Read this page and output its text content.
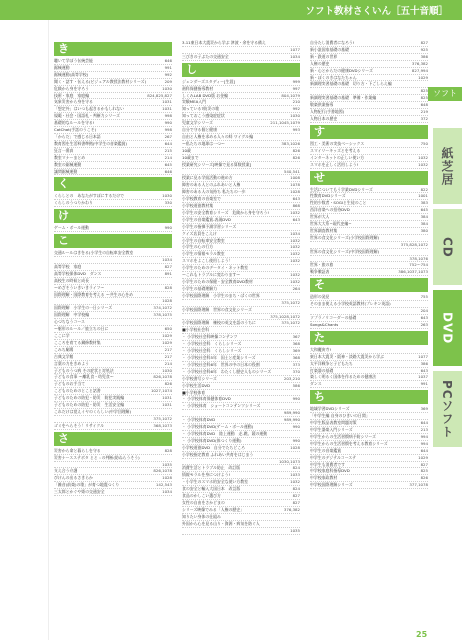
ソフト教材さくいん［五十音順］
ソフト
紙芝居
CD
DVD
PCソフト
き
聴いて学ぼう伝統芸能	646
鋸械運動	991
鋸械運動(高等学校)	992
聞く・話す・伝える(ビジュアル教授法教材シリーズ)	209
危険から身を守ろう	1030
技術・家庭　家庭編	824,825,827
気象災害から身を守る	1031
「想定外」はいつも起きるかもしれない	1031
規範・社会・国語札・判断力シリーズ	998
基礎的なルールを守る!	990
CatChat(手話のうこそ)	998
「からだ」で感じる日本語	267
教育図を生活料書準拠(中学生の音楽鑑賞)	644
狂言一番真	215
教室マナーまとめ	214
教室の鋸械運動	645
議問鋸械運動	646
く
くらしとの　あなたがすぼにするだけで	1030
くらしのうつりかわり	330
け
ゲーム・ボール運動	990
こ
交通ルールはきをる(小学生の自転車安全教室
1034
高等学校　家庭	827
高等学校保体DVD　ダンス	891
高校生の時候と成長
〜めざそういきいきライフ〜	828
国際理解・国際教育を考える 〜共生の心をめ
1028
国際理解　小学生の一日シリーズ	374,1072
国際理解　中学校編	378,1075
心づちなうコース
〜躯形のルール／旅立ちの日に	650
ここに学	1029
こころを育てる鋼修教材集	1029
こみち劇場	217
古典文学館	217
言葉の力をきめよう	214
子どものうつ病 その症状と対処法	1030
子どもの食事 〜離乳食・幼児食〜	826,1078
子どものお手当て	826
こどものためのとこと話書	1027,1074
子どものための防犯・防災　防犯実践編	1031
子どものための防犯・防災　生活安全編	1031
これだけは覚えイヤのくらしい(中学団理解)
375,1072
ゴミをへらそう！リサイクル	368,1073
さ
災害から命と暮らしを守る	828
災害ナースステボタ ととゝの判断(防ねらうそう)
1035
支え合う介護	826,1078
ぴけんの出るさきらか	1028
「雑音(前楽)の歌」が育つ地震つくり	142,543
三太郎とかぐや姫の交通安全	1034
3.11東日本大震災から学ぶ 津波・余を守る備え
1077
三びきの子ぶたの交通安全	1034
し
ジェンダーズスタディー[生涯]	999
歯科保健指導教材	997
しくみLAB DVD版 お金編	804,1079
実験MEA入門	210
知っている?防災の歌	992
知っておこう感染症症状	1030
児童文学シリーズ	211,1045,1079
自分で守る個と健康	993
自由と人権を求める人々の絆 ワイグル編
〜私たちの地球は一つ〜	383,1026
10歳	826
10歳まで	826
授業研究シリーズ[映像で見る算数授業]
540,541
授業に見る学級活動の進め方	1008
障害のある人とのふれあいと人権	1078
障害のある人の気持ち 私たちの一歩	1028
小学校教育の音楽室で	643
小学校道徳教材集	868
小学生の安全教育シリーズ　危険から身を守ろう!	1032
小学生の音楽鑑賞-表現DVD	643
小学生の指揮予測学習シリーズ
クイズ店員をこえけ	1034
小学生の自転車安全教室	1032
小学生の心の行方	1032
小学生の情報モラル教室	1032
スマホをよこし使用しよう！	1032
小学生のためのデータイ・ネット教室
〜これもトラブルに変わります〜	1032
小学生のための保健・安全教育DVD教材	1032
小学生の基礎理解力	264
小学校国際理解　小学生のまち・ばくの世界
375,1072
小学校国際理解　世界の食文化シリーズ
375,1028,1072
小学校国際理解　権校の英文を語のうちに	375,1072
■小学校社会科
・ 小学校社会科映像コンテンツ	367
・ 小学校社会科　くらしシリーズ	368
・ 小学校社会科　くらしシリーズ	369
・ 小学校社会科5年　国土と産業シリーズ	368
・ 小学校社会科6年　世界の中の日本の役割	373
・ 小学校社会科6年　わたくし歴史人ものシリーズ	370
小学校書写シリーズ	203,210
小学校生活DVD	586
■小学校体育
・ 小学校体育保健体育DVD	990
・ 小学校体育　ショートコンテンツシリーズ
989,990
・ 小学校体育DVD	989,990
・ 小学校体育DVD(ゲーム・ボール運動)	990
・ 小学校体育DVD　陸上運動　走-跳、競の運動
・ 小学校体育DVD(体つくり運動)	990
小学校道徳DVD　自分でたちどころ	1028
小学校指定教育 ふれあい共育をはじまう
1030,1073
消費生活とトラブル防止　改訂版	824
情報モラルを身につけよう!	1033
・小学生のスマホ的安全な使い方教室	1032
食の安全と輸入大国日本　改訂版	824
食品のかしこい選び方	827
女性の自由をさかどまの	827
シリーズ映像でみる「人権の歴史」	376,382
知りたい身体の仕組み
外国から心を見る山り・資源・病気を防ぐ人
1035
自分たし消費者になろう!	827
新小説国家基礎の基礎	925
新・鉄道の世界	386
人権の歴史	376,382
新・心とからだの健康DVDシリーズ	827,994
新・ぼくのきはなたちゃん	1029
新調理実習基礎の基礎　切り方・下ごしらえ編
825
新調理実習基礎の基礎　準備・作業編	825
敬楽供業指導	648
人物紀行(手書地図)	219
人物日本の歴史	372
す
図工・美術の実技ベーシックス	750
スマイリーキッズとを考える
インターネットの正しい使い方	1032
スマホを正しく活用しよう!	1032
せ
生活についてもう学業DVDシリーズ	822
性教育DVDシリーズ	1001
性的少数者・SOGIと生徒のこと	383
西洋音楽への招待DVD	645
世界が大人	384
世界大大系−現代史編−	384
世界調査教材集	380
世界の食文化シリーズ(小学校国際理解)
375,828,1072
世界の食文化シリーズ(中学校国際理解)
378,1076
世界・旅の旅	752〜754
戦争徹証表	386,1037,1073
そ
造形の発見	755
そのまま使える小学校英語教材(プレキン英語)
204
ソプラノリコーダーの基礎	643
Songs&Chants	263
た
大和魔寅寺!
東日本大震災・阪神・淡路大震災から学ぶ	1077
太平洋戦争と子どもたち	386
打楽器の基礎	643
楽しく明るく国体を作るための健康法	1037
ダンス	991
ち
地域学習DVDシリーズ	369
「中学生編 自身のひきいの日関」
中学生版品表教室問題対策	644
中学生器楽入門シリーズ	213
中学生からの生活習慣病予防シリーズ	994
中学生からの生活習慣を考える教育シリーズ	994
中学生の音楽鑑賞	644
中学生のデジテルコーステ	1029
中学生も消費者です	827
中学校家庭科指導DVD	825
中学校家政教材	826
中学校国際理解シリーズ	377,1078
25
